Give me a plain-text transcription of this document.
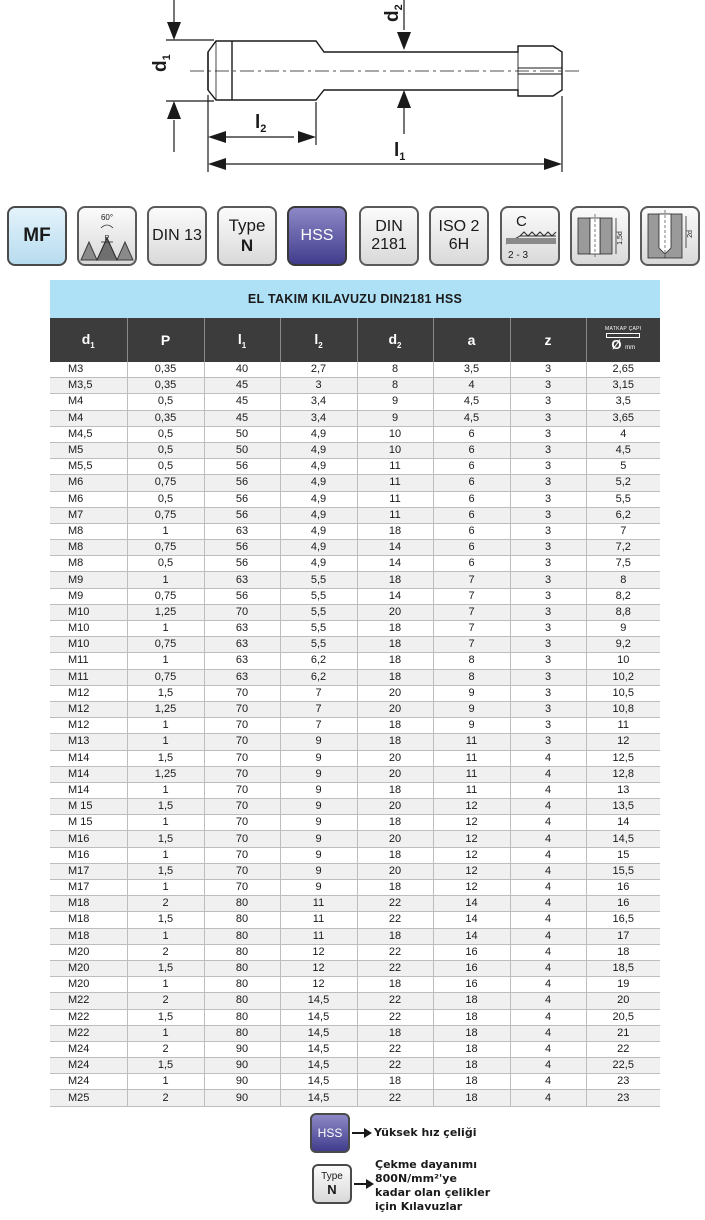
$d_1$
$d_2$
$l_2$
$l_1$
MF
60°
P	DIN 13
Type
N
HSS
DIN
2181
ISO 2
6H
C
2 - 3
1,5d	2d
EL TAKIM KILAVUZU DIN2181 HSS
$d_1$	P	$l_1$	$l_2$	$d_2$	a	z	MATKAP ÇAPI
Ø mm

M3	0,35	40	2,7	8	3,5	3	2,65
M3,5	0,35	45	3	8	4	3	3,15
M4	0,5	45	3,4	9	4,5	3	3,5
M4	0,35	45	3,4	9	4,5	3	3,65
M4,5	0,5	50	4,9	10	6	3	4
M5	0,5	50	4,9	10	6	3	4,5
M5,5	0,5	56	4,9	11	6	3	5
M6	0,75	56	4,9	11	6	3	5,2
M6	0,5	56	4,9	11	6	3	5,5
M7	0,75	56	4,9	11	6	3	6,2
M8	1	63	4,9	18	6	3	7
M8	0,75	56	4,9	14	6	3	7,2
M8	0,5	56	4,9	14	6	3	7,5
M9	1	63	5,5	18	7	3	8
M9	0,75	56	5,5	14	7	3	8,2
M10	1,25	70	5,5	20	7	3	8,8
M10	1	63	5,5	18	7	3	9
M10	0,75	63	5,5	18	7	3	9,2
M11	1	63	6,2	18	8	3	10
M11	0,75	63	6,2	18	8	3	10,2
M12	1,5	70	7	20	9	3	10,5
M12	1,25	70	7	20	9	3	10,8
M12	1	70	7	18	9	3	11
M13	1	70	9	18	11	3	12
M14	1,5	70	9	20	11	4	12,5
M14	1,25	70	9	20	11	4	12,8
M14	1	70	9	18	11	4	13
M 15	1,5	70	9	20	12	4	13,5
M 15	1	70	9	18	12	4	14
M16	1,5	70	9	20	12	4	14,5
M16	1	70	9	18	12	4	15
M17	1,5	70	9	20	12	4	15,5
M17	1	70	9	18	12	4	16
M18	2	80	11	22	14	4	16
M18	1,5	80	11	22	14	4	16,5
M18	1	80	11	18	14	4	17
M20	2	80	12	22	16	4	18
M20	1,5	80	12	22	16	4	18,5
M20	1	80	12	18	16	4	19
M22	2	80	14,5	22	18	4	20
M22	1,5	80	14,5	22	18	4	20,5
M22	1	80	14,5	18	18	4	21
M24	2	90	14,5	22	18	4	22
M24	1,5	90	14,5	22	18	4	22,5
M24	1	90	14,5	18	18	4	23
M25	2	90	14,5	22	18	4	23
HSS	Yüksek hız çeliği
Type
N
Çekme dayanımı
800N/mm²'ye
kadar olan çelikler
için Kılavuzlar
